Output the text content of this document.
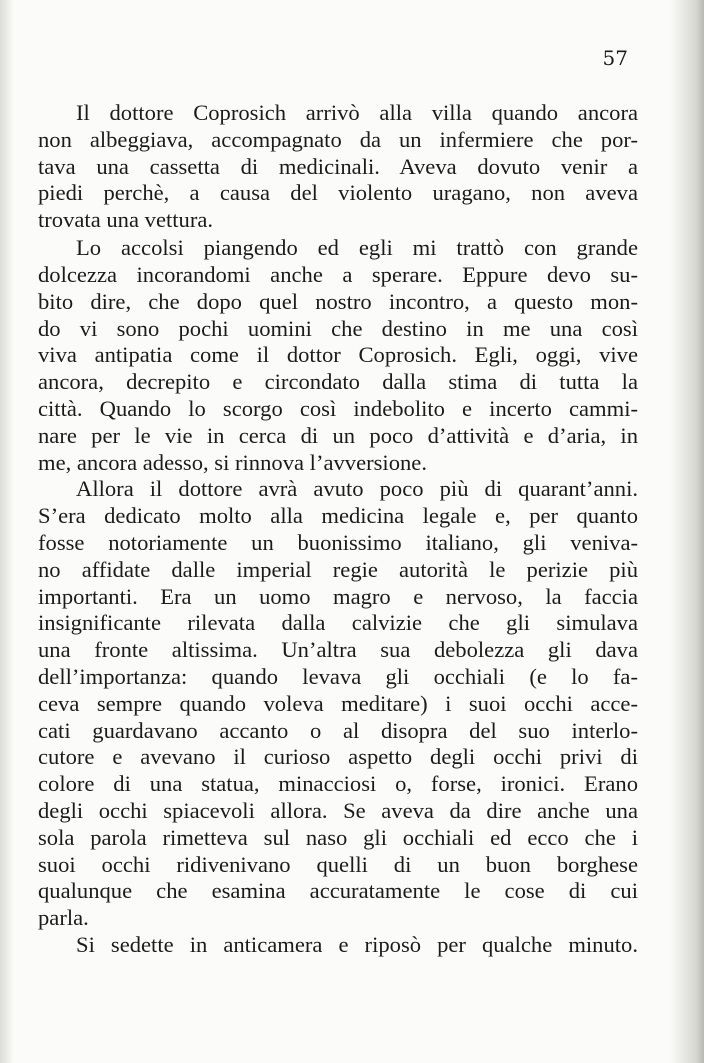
57
Il dottore Coprosich arrivò alla villa quando ancora
non albeggiava, accompagnato da un infermiere che por-
tava una cassetta di medicinali. Aveva dovuto venir a
piedi perchè, a causa del violento uragano, non aveva
trovata una vettura.
Lo accolsi piangendo ed egli mi trattò con grande
dolcezza incorandomi anche a sperare. Eppure devo su-
bito dire, che dopo quel nostro incontro, a questo mon-
do vi sono pochi uomini che destino in me una così
viva antipatia come il dottor Coprosich. Egli, oggi, vive
ancora, decrepito e circondato dalla stima di tutta la
città. Quando lo scorgo così indebolito e incerto cammi-
nare per le vie in cerca di un poco d’attività e d’aria, in
me, ancora adesso, si rinnova l’avversione.
Allora il dottore avrà avuto poco più di quarant’anni.
S’era dedicato molto alla medicina legale e, per quanto
fosse notoriamente un buonissimo italiano, gli veniva-
no affidate dalle imperial regie autorità le perizie più
importanti. Era un uomo magro e nervoso, la faccia
insignificante rilevata dalla calvizie che gli simulava
una fronte altissima. Un’altra sua debolezza gli dava
dell’importanza: quando levava gli occhiali (e lo fa-
ceva sempre quando voleva meditare) i suoi occhi acce-
cati guardavano accanto o al disopra del suo interlo-
cutore e avevano il curioso aspetto degli occhi privi di
colore di una statua, minacciosi o, forse, ironici. Erano
degli occhi spiacevoli allora. Se aveva da dire anche una
sola parola rimetteva sul naso gli occhiali ed ecco che i
suoi occhi ridivenivano quelli di un buon borghese
qualunque che esamina accuratamente le cose di cui
parla.
Si sedette in anticamera e riposò per qualche minuto.
